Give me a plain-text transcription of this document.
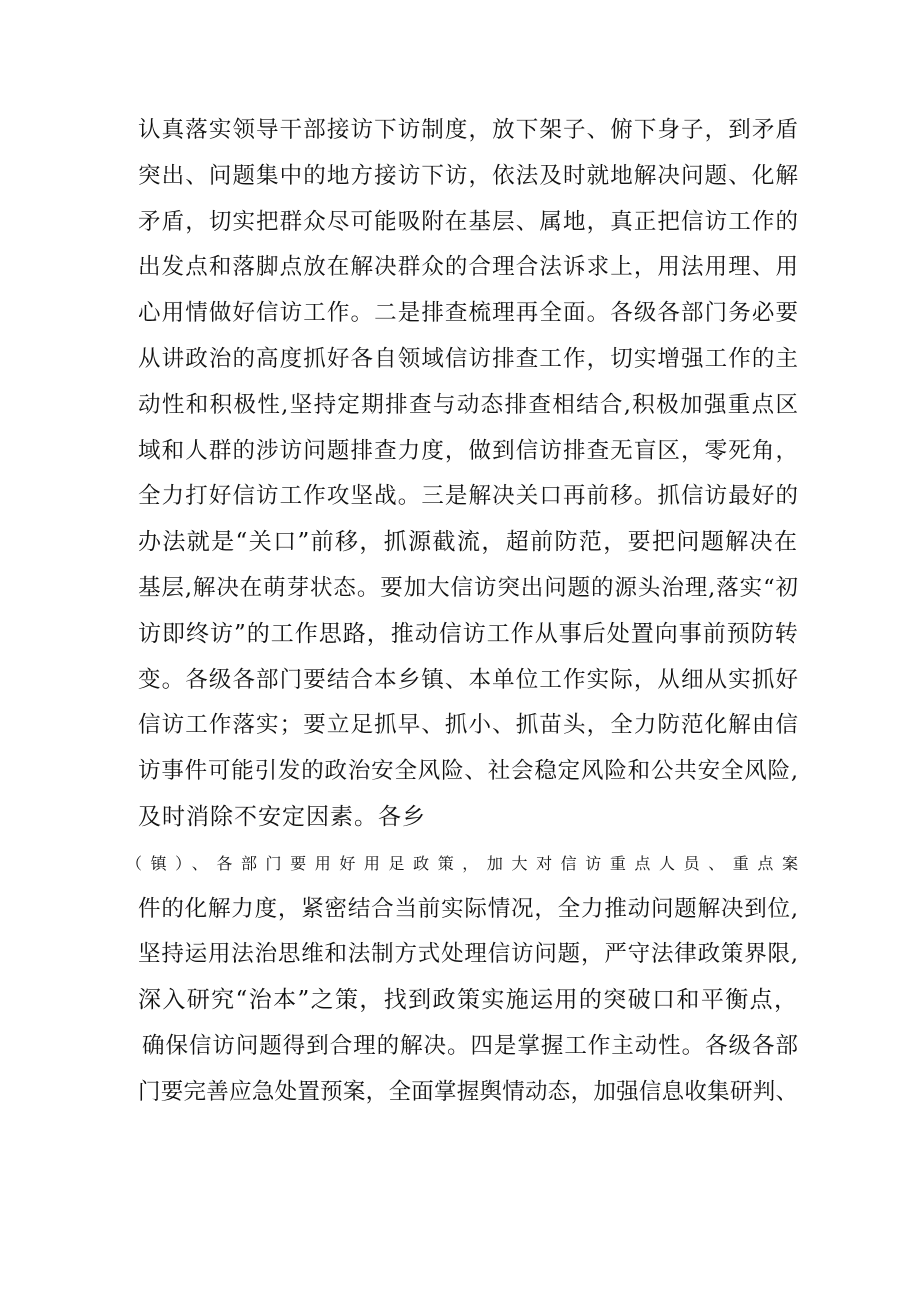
认真落实领导干部接访下访制度，放下架子、俯下身子，到矛盾
突出、问题集中的地方接访下访，依法及时就地解决问题、化解
矛盾，切实把群众尽可能吸附在基层、属地，真正把信访工作的
出发点和落脚点放在解决群众的合理合法诉求上，用法用理、用
心用情做好信访工作。二是排查梳理再全面。各级各部门务必要
从讲政治的高度抓好各自领域信访排查工作，切实增强工作的主
动性和积极性,坚持定期排查与动态排查相结合,积极加强重点区
域和人群的涉访问题排查力度，做到信访排查无盲区，零死角，
全力打好信访工作攻坚战。三是解决关口再前移。抓信访最好的
办法就是“关口”前移，抓源截流，超前防范，要把问题解决在
基层,解决在萌芽状态。要加大信访突出问题的源头治理,落实“初
访即终访”的工作思路，推动信访工作从事后处置向事前预防转
变。各级各部门要结合本乡镇、本单位工作实际，从细从实抓好
信访工作落实；要立足抓早、抓小、抓苗头，全力防范化解由信
访事件可能引发的政治安全风险、社会稳定风险和公共安全风险,
及时消除不安定因素。各乡
（镇）、各部门要用好用足政策，加大对信访重点人员、重点案
件的化解力度，紧密结合当前实际情况，全力推动问题解决到位,
坚持运用法治思维和法制方式处理信访问题，严守法律政策界限,
深入研究“治本”之策，找到政策实施运用的突破口和平衡点，
确保信访问题得到合理的解决。四是掌握工作主动性。各级各部
门要完善应急处置预案，全面掌握舆情动态，加强信息收集研判、
